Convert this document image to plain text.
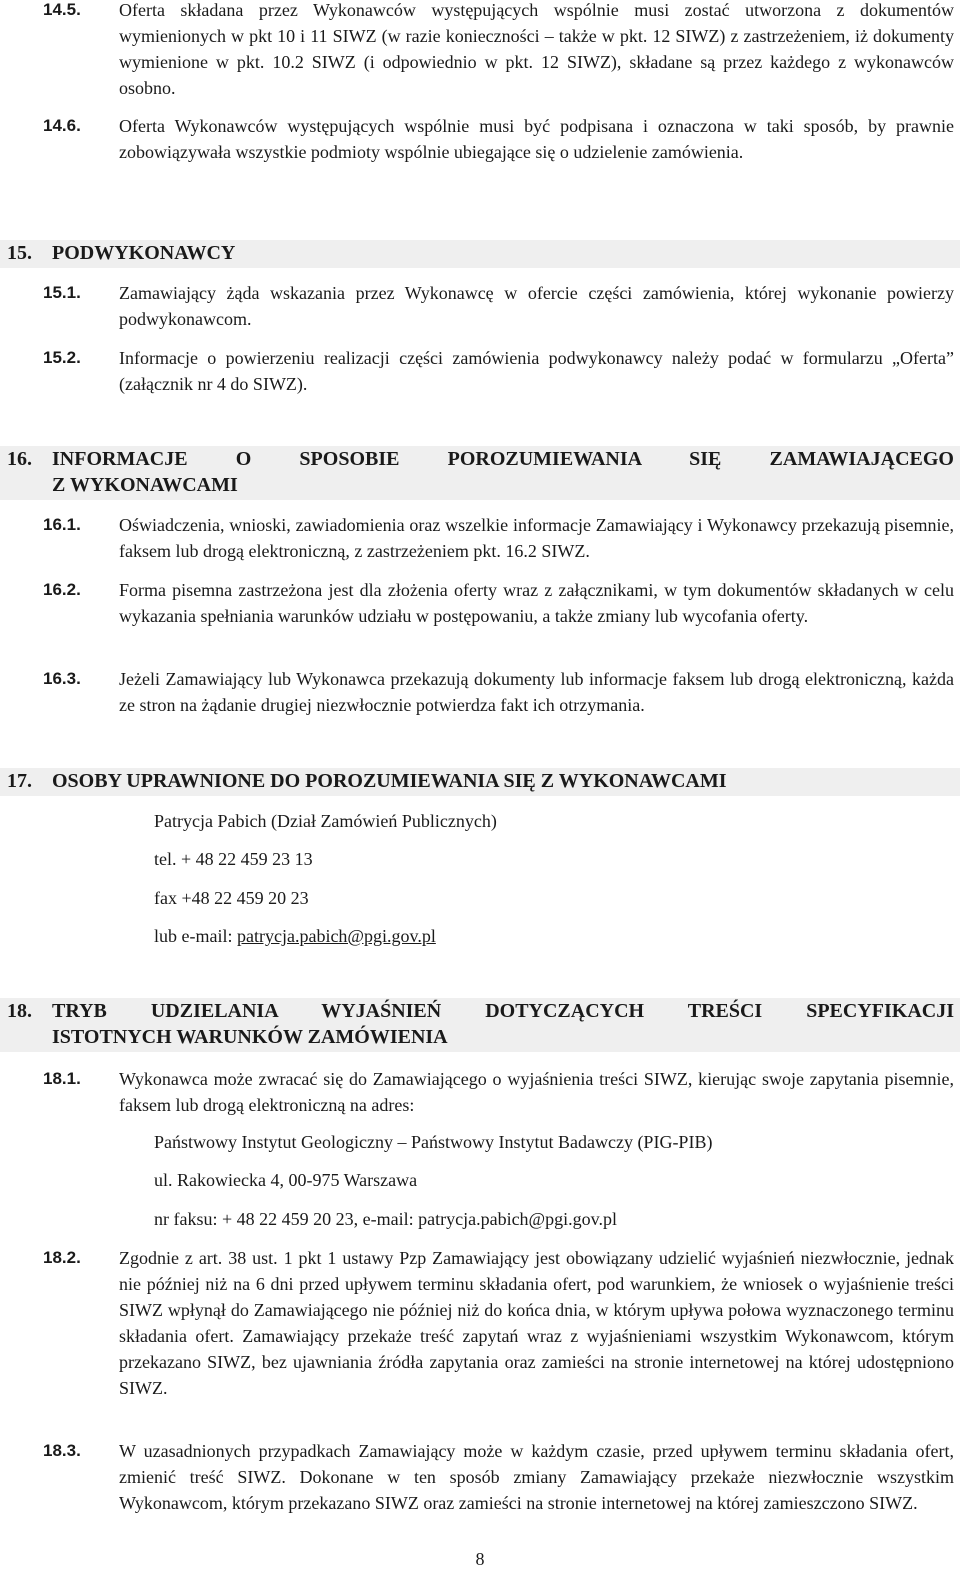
14.5. Oferta składana przez Wykonawców występujących wspólnie musi zostać utworzona z dokumentów wymienionych w pkt 10 i 11 SIWZ (w razie konieczności – także w pkt. 12 SIWZ) z zastrzeżeniem, iż dokumenty wymienione w pkt. 10.2 SIWZ (i odpowiednio w pkt. 12 SIWZ), składane są przez każdego z wykonawców osobno.
14.6. Oferta Wykonawców występujących wspólnie musi być podpisana i oznaczona w taki sposób, by prawnie zobowiązywała wszystkie podmioty wspólnie ubiegające się o udzielenie zamówienia.
15. PODWYKONAWCY
15.1. Zamawiający żąda wskazania przez Wykonawcę w ofercie części zamówienia, której wykonanie powierzy podwykonawcom.
15.2. Informacje o powierzeniu realizacji części zamówienia podwykonawcy należy podać w formularzu „Oferta” (załącznik nr 4 do SIWZ).
16. INFORMACJE O SPOSOBIE POROZUMIEWANIA SIĘ ZAMAWIAJĄCEGO
Z WYKONAWCAMI
16.1. Oświadczenia, wnioski, zawiadomienia oraz wszelkie informacje Zamawiający i Wykonawcy przekazują pisemnie, faksem lub drogą elektroniczną, z zastrzeżeniem pkt. 16.2 SIWZ.
16.2. Forma pisemna zastrzeżona jest dla złożenia oferty wraz z załącznikami, w tym dokumentów składanych w celu wykazania spełniania warunków udziału w postępowaniu, a także zmiany lub wycofania oferty.
16.3. Jeżeli Zamawiający lub Wykonawca przekazują dokumenty lub informacje faksem lub drogą elektroniczną, każda ze stron na żądanie drugiej niezwłocznie potwierdza fakt ich otrzymania.
17. OSOBY UPRAWNIONE DO POROZUMIEWANIA SIĘ Z WYKONAWCAMI
Patrycja Pabich (Dział Zamówień Publicznych)
tel. + 48 22 459 23 13
fax +48 22 459 20 23
lub e-mail: patrycja.pabich@pgi.gov.pl
18. TRYB UDZIELANIA WYJAŚNIEŃ DOTYCZĄCYCH TREŚCI SPECYFIKACJI
ISTOTNYCH WARUNKÓW ZAMÓWIENIA
18.1. Wykonawca może zwracać się do Zamawiającego o wyjaśnienia treści SIWZ, kierując swoje zapytania pisemnie, faksem lub drogą elektroniczną na adres:
Państwowy Instytut Geologiczny – Państwowy Instytut Badawczy (PIG-PIB)
ul. Rakowiecka 4, 00-975 Warszawa
nr faksu: + 48 22 459 20 23, e-mail: patrycja.pabich@pgi.gov.pl
18.2. Zgodnie z art. 38 ust. 1 pkt 1 ustawy Pzp Zamawiający jest obowiązany udzielić wyjaśnień niezwłocznie, jednak nie później niż na 6 dni przed upływem terminu składania ofert, pod warunkiem, że wniosek o wyjaśnienie treści SIWZ wpłynął do Zamawiającego nie później niż do końca dnia, w którym upływa połowa wyznaczonego terminu składania ofert. Zamawiający przekaże treść zapytań wraz z wyjaśnieniami wszystkim Wykonawcom, którym przekazano SIWZ, bez ujawniania źródła zapytania oraz zamieści na stronie internetowej na której udostępniono SIWZ.
18.3. W uzasadnionych przypadkach Zamawiający może w każdym czasie, przed upływem terminu składania ofert, zmienić treść SIWZ. Dokonane w ten sposób zmiany Zamawiający przekaże niezwłocznie wszystkim Wykonawcom, którym przekazano SIWZ oraz zamieści na stronie internetowej na której zamieszczono SIWZ.
8
